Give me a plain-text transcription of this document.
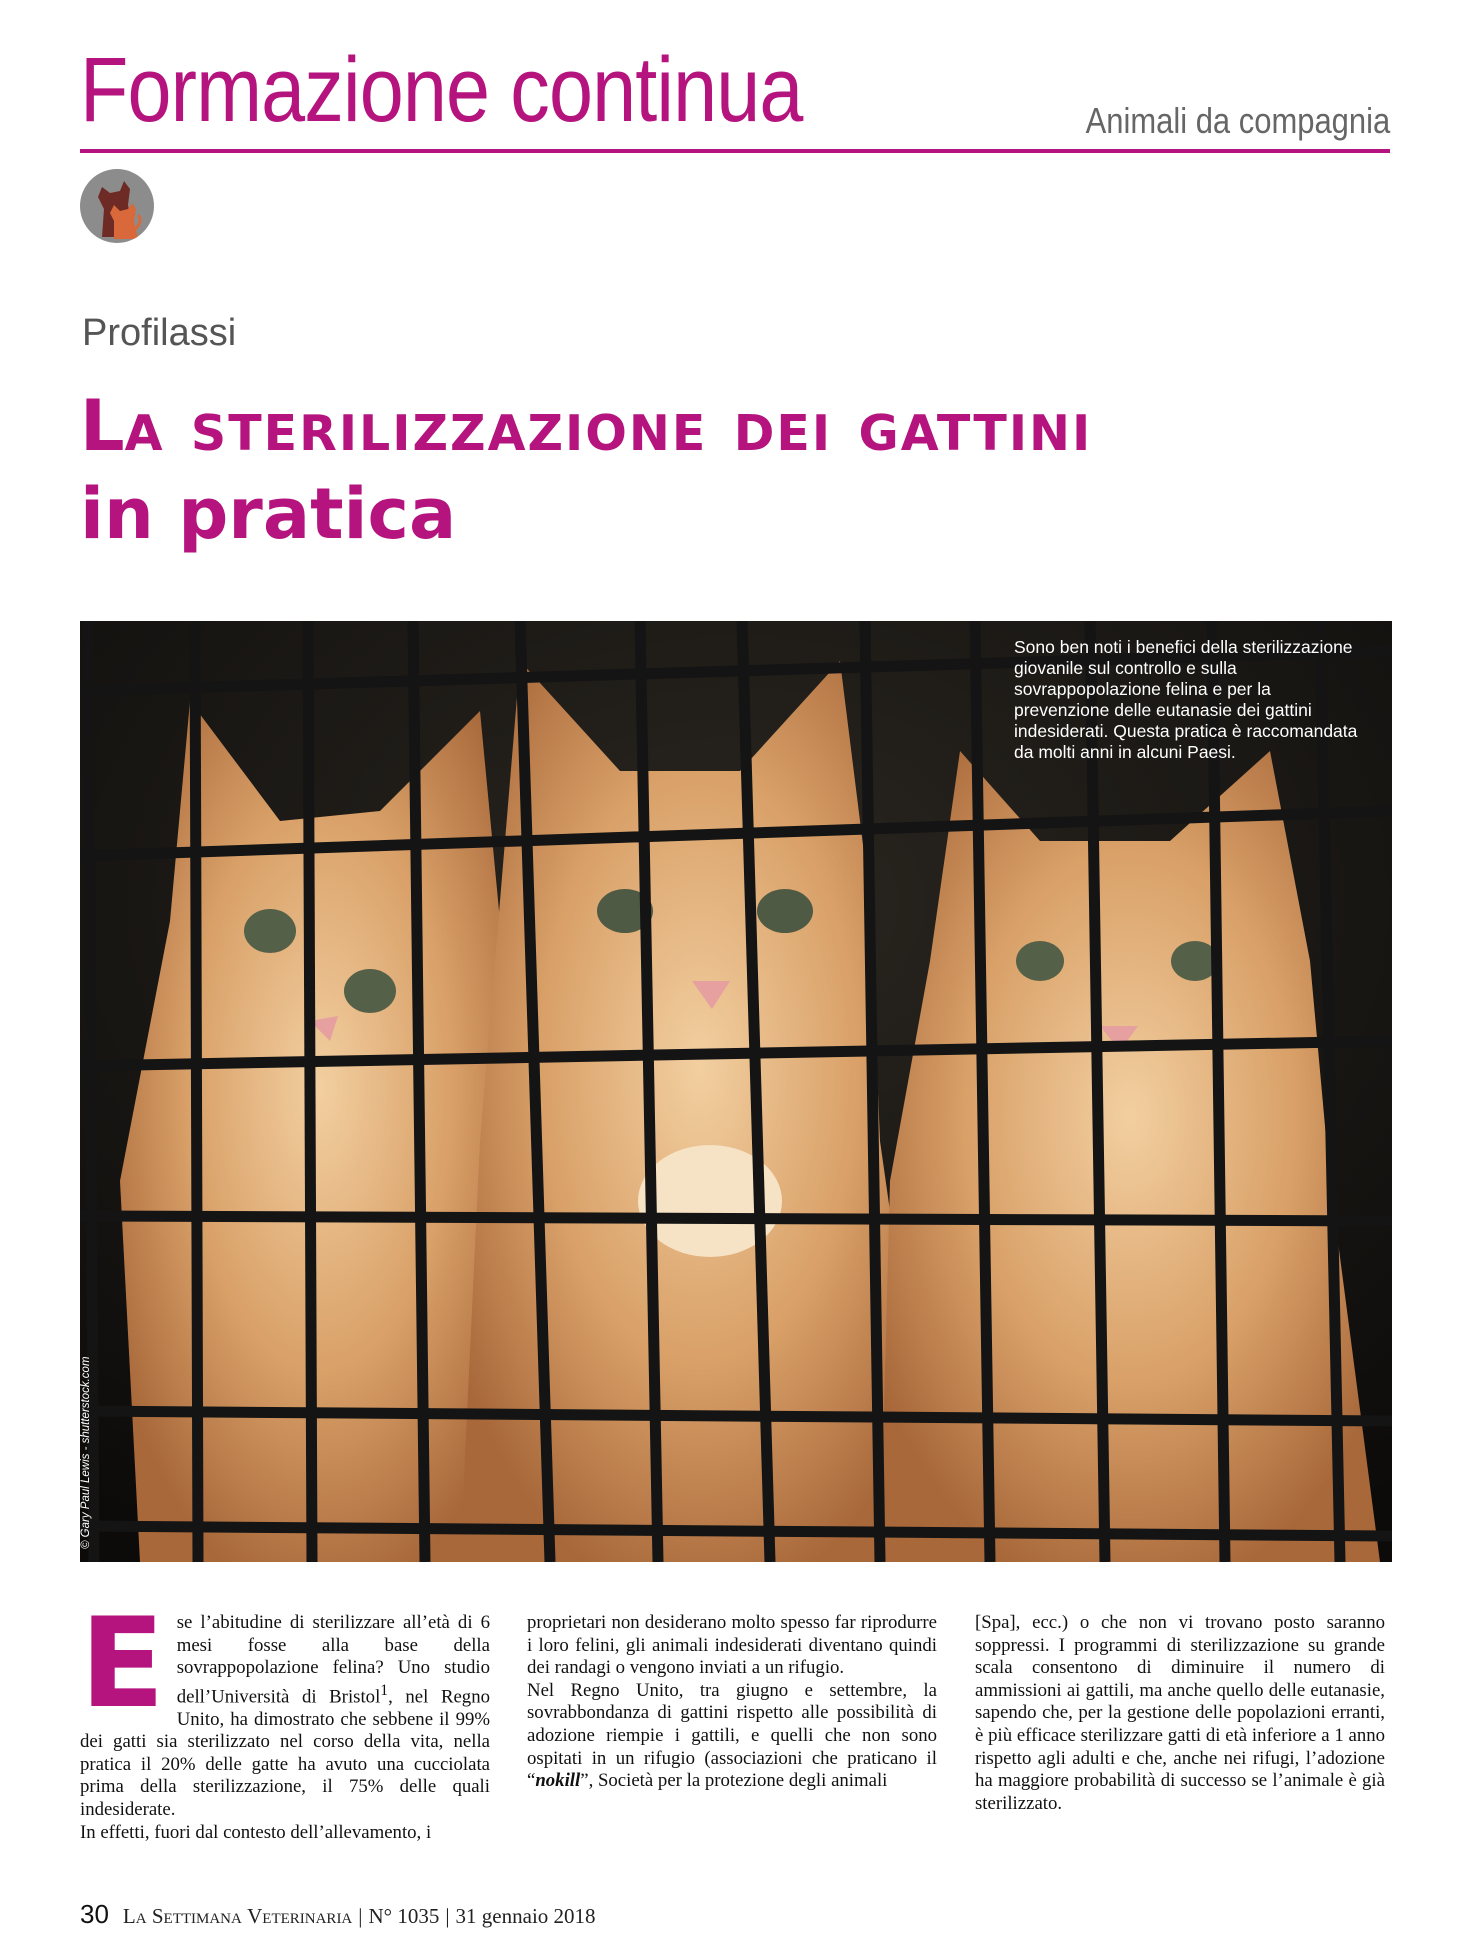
Formazione continua	Animali da compagnia
Profilassi
La sterilizzazione dei gattini
in pratica
Sono ben noti i benefici della sterilizzazione giovanile sul controllo e sulla sovrappopolazione felina e per la prevenzione delle eutanasie dei gattini indesiderati. Questa pratica è raccomandata da molti anni in alcuni Paesi.
© Gary Paul Lewis - shutterstock.com

Ese l’abitudine di sterilizzare all’età di 6 mesi fosse alla base della sovrappopolazione felina? Uno studio dell’Università di Bristol$^1$, nel Regno Unito, ha dimostrato che sebbene il 99% dei gatti sia sterilizzato nel corso della vita, nella pratica il 20% delle gatte ha avuto una cucciolata prima della sterilizzazione, il 75% delle quali indesiderate.

In effetti, fuori dal contesto dell’allevamento, i

proprietari non desiderano molto spesso far riprodurre i loro felini, gli animali indesiderati diventano quindi dei randagi o vengono inviati a un rifugio.

Nel Regno Unito, tra giugno e settembre, la sovrabbondanza di gattini rispetto alle possibilità di adozione riempie i gattili, e quelli che non sono ospitati in un rifugio (associazioni che praticano il “nokill”, Società per la protezione degli animali

[Spa], ecc.) o che non vi trovano posto saranno soppressi. I programmi di sterilizzazione su grande scala consentono di diminuire il numero di ammissioni ai gattili, ma anche quello delle eutanasie, sapendo che, per la gestione delle popolazioni erranti, è più efficace sterilizzare gatti di età inferiore a 1 anno rispetto agli adulti e che, anche nei rifugi, l’adozione ha maggiore probabilità di successo se l’animale è già sterilizzato.

30 La Settimana Veterinaria | N° 1035 | 31 gennaio 2018
